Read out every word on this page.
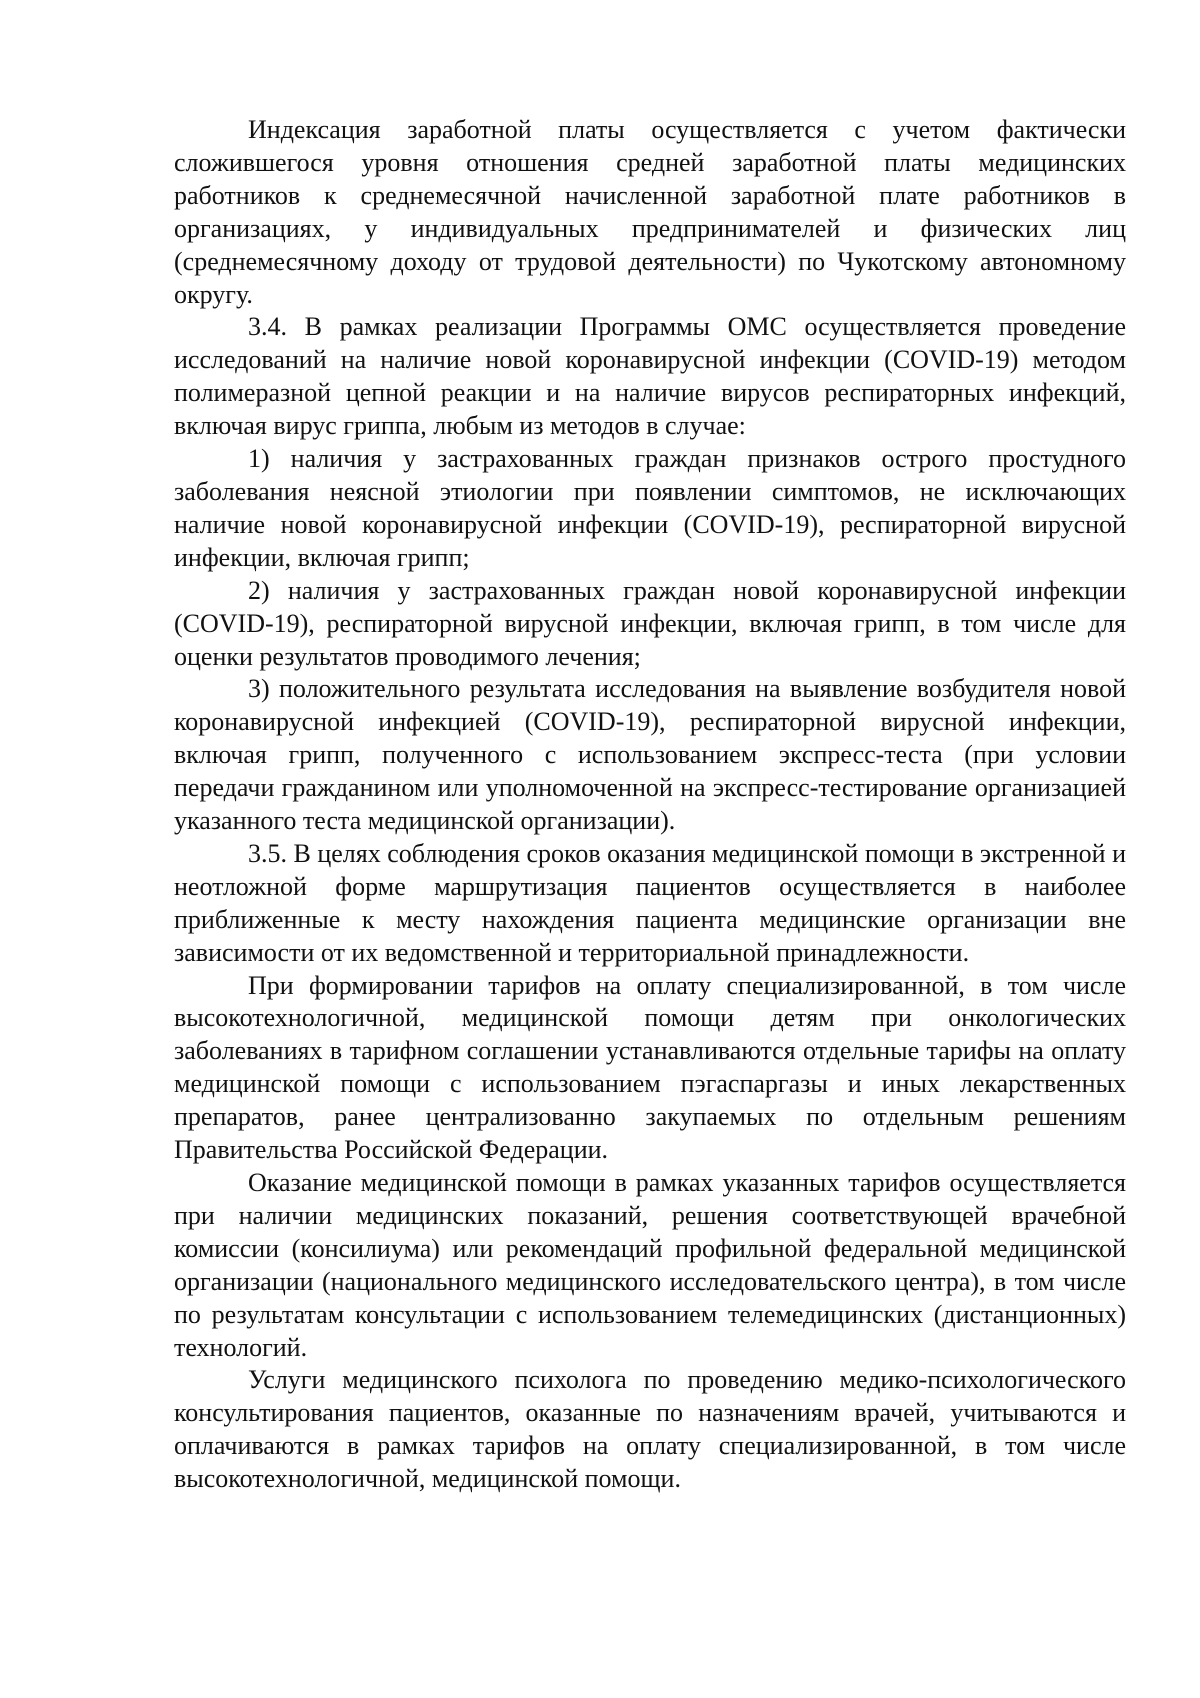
Индексация заработной платы осуществляется с учетом фактически сложившегося уровня отношения средней заработной платы медицинских работников к среднемесячной начисленной заработной плате работников в организациях, у индивидуальных предпринимателей и физических лиц (среднемесячному доходу от трудовой деятельности) по Чукотскому автономному округу.

3.4. В рамках реализации Программы ОМС осуществляется проведение исследований на наличие новой коронавирусной инфекции (COVID-19) методом полимеразной цепной реакции и на наличие вирусов респираторных инфекций, включая вирус гриппа, любым из методов в случае:

1) наличия у застрахованных граждан признаков острого простудного заболевания неясной этиологии при появлении симптомов, не исключающих наличие новой коронавирусной инфекции (COVID-19), респираторной вирусной инфекции, включая грипп;

2) наличия у застрахованных граждан новой коронавирусной инфекции (COVID-19), респираторной вирусной инфекции, включая грипп, в том числе для оценки результатов проводимого лечения;

3) положительного результата исследования на выявление возбудителя новой коронавирусной инфекцией (COVID-19), респираторной вирусной инфекции, включая грипп, полученного с использованием экспресс-теста (при условии передачи гражданином или уполномоченной на экспресс-тестирование организацией указанного теста медицинской организации).

3.5. В целях соблюдения сроков оказания медицинской помощи в экстренной и неотложной форме маршрутизация пациентов осуществляется в наиболее приближенные к месту нахождения пациента медицинские организации вне зависимости от их ведомственной и территориальной принадлежности.

При формировании тарифов на оплату специализированной, в том числе высокотехнологичной, медицинской помощи детям при онкологических заболеваниях в тарифном соглашении устанавливаются отдельные тарифы на оплату медицинской помощи с использованием пэгаспаргазы и иных лекарственных препаратов, ранее централизованно закупаемых по отдельным решениям Правительства Российской Федерации.

Оказание медицинской помощи в рамках указанных тарифов осуществляется при наличии медицинских показаний, решения соответствующей врачебной комиссии (консилиума) или рекомендаций профильной федеральной медицинской организации (национального медицинского исследовательского центра), в том числе по результатам консультации с использованием телемедицинских (дистанционных) технологий.

Услуги медицинского психолога по проведению медико-психологического консультирования пациентов, оказанные по назначениям врачей, учитываются и оплачиваются в рамках тарифов на оплату специализированной, в том числе высокотехнологичной, медицинской помощи.
